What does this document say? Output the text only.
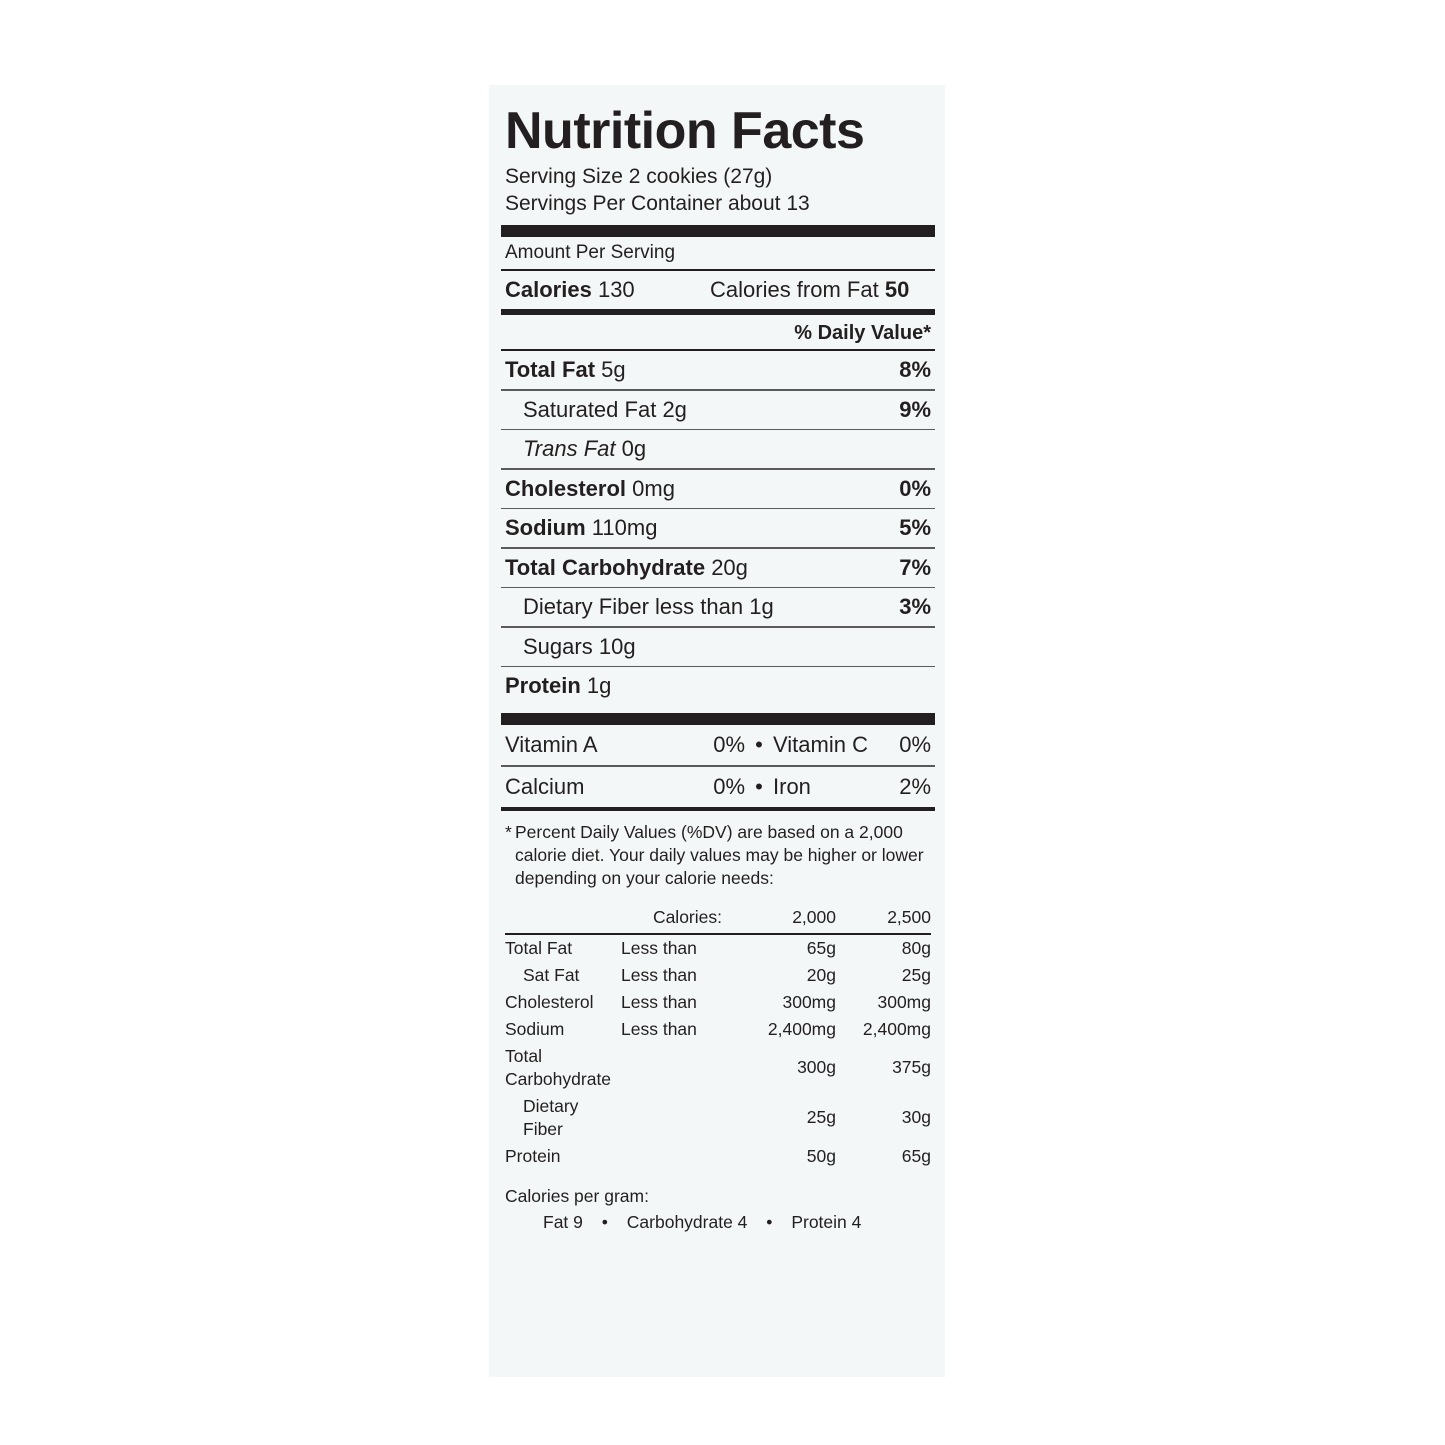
Nutrition Facts
Serving Size 2 cookies (27g)
Servings Per Container about 13
Amount Per Serving
Calories 130	Calories from Fat 50
% Daily Value*
Total Fat 5g	8%
Saturated Fat 2g	9%
Trans Fat 0g
Cholesterol 0mg	0%
Sodium 110mg	5%
Total Carbohydrate 20g	7%
Dietary Fiber less than 1g	3%
Sugars 10g
Protein 1g
Vitamin A	0% • Vitamin C	0%
Calcium	0% • Iron	2%
* Percent Daily Values (%DV) are based on a 2,000 calorie diet. Your daily values may be higher or lower depending on your calorie needs:
	Calories:	2,000	2,500

Total Fat	Less than	65g	80g
Sat Fat	Less than	20g	25g
Cholesterol	Less than	300mg	300mg
Sodium	Less than	2,400mg	2,400mg
Total Carbohydrate		300g	375g
Dietary Fiber		25g	30g
Protein		50g	65g
Calories per gram:
Fat 9 • Carbohydrate 4 • Protein 4
